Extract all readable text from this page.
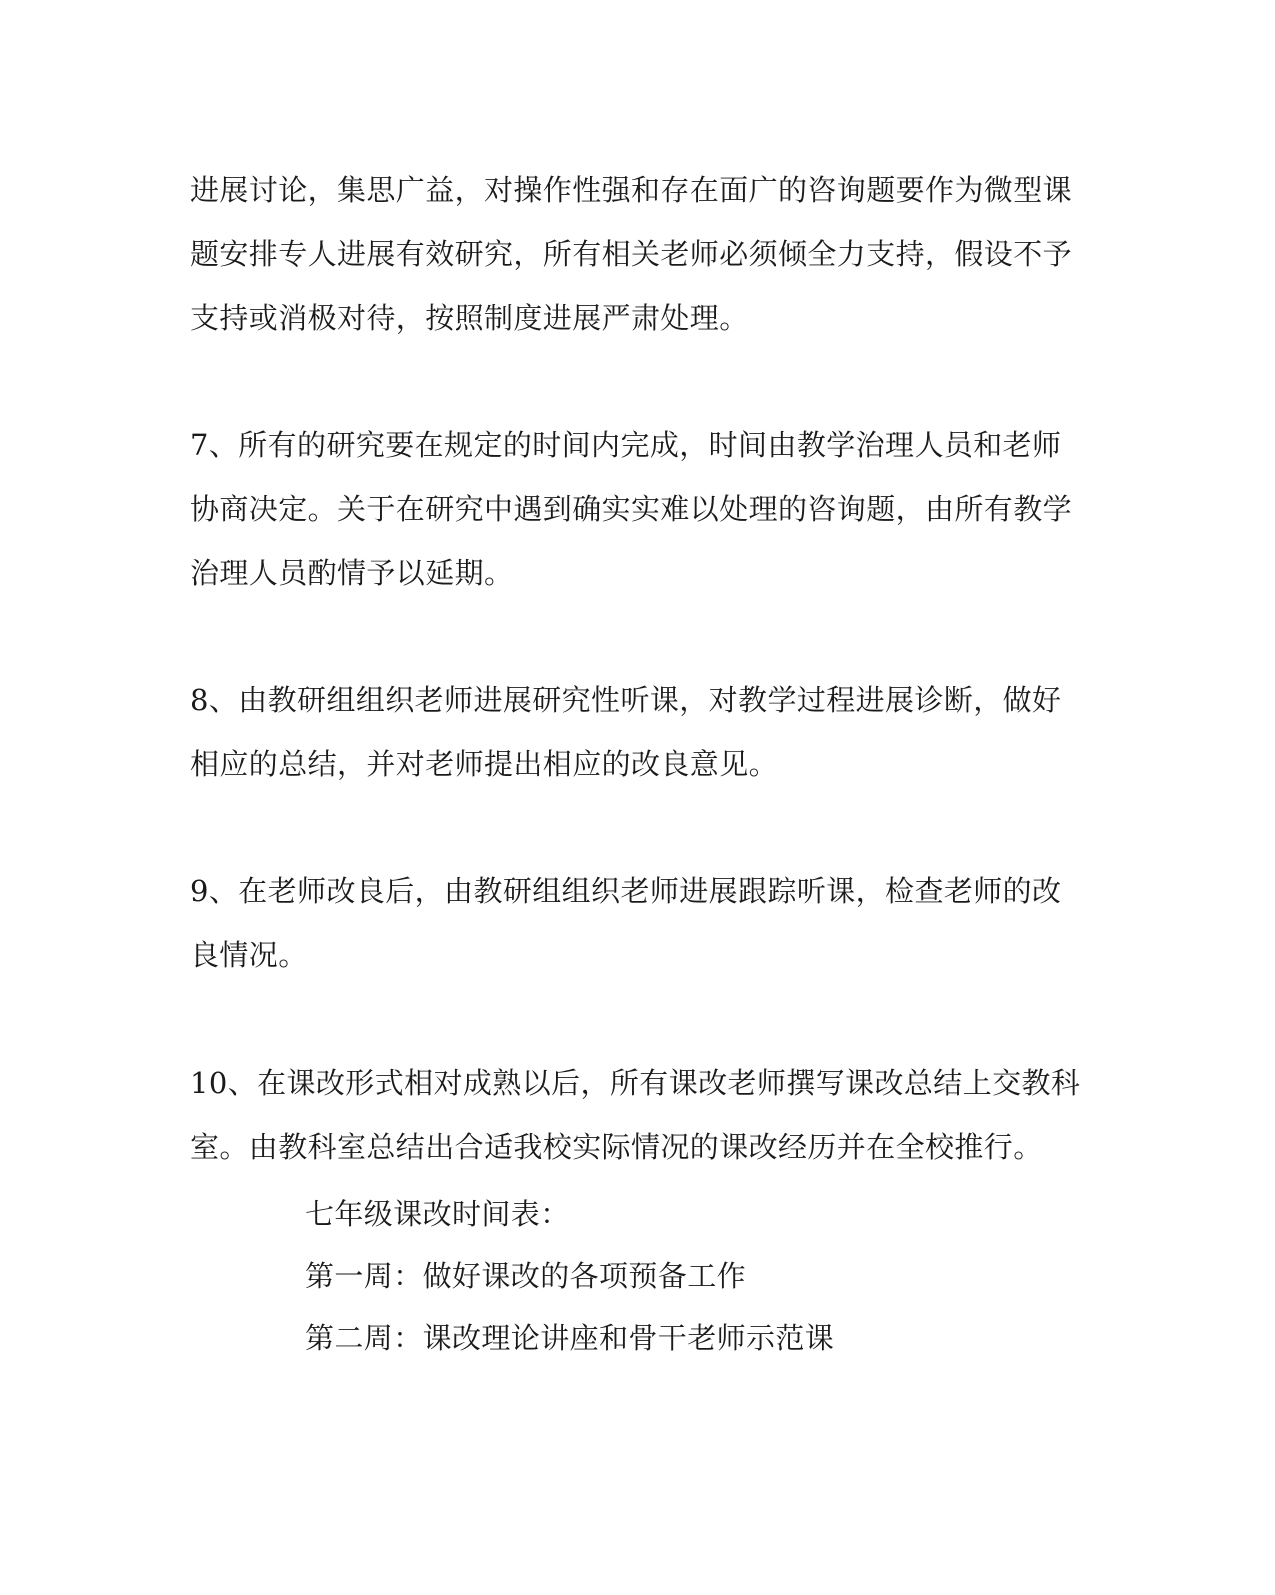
进展讨论，集思广益，对操作性强和存在面广的咨询题要作为微型课
题安排专人进展有效研究，所有相关老师必须倾全力支持，假设不予
支持或消极对待，按照制度进展严肃处理。
7、所有的研究要在规定的时间内完成，时间由教学治理人员和老师
协商决定。关于在研究中遇到确实实难以处理的咨询题，由所有教学
治理人员酌情予以延期。
8、由教研组组织老师进展研究性听课，对教学过程进展诊断，做好
相应的总结，并对老师提出相应的改良意见。
9、在老师改良后，由教研组组织老师进展跟踪听课，检查老师的改
良情况。
10、在课改形式相对成熟以后，所有课改老师撰写课改总结上交教科
室。由教科室总结出合适我校实际情况的课改经历并在全校推行。
七年级课改时间表：
第一周：做好课改的各项预备工作
第二周：课改理论讲座和骨干老师示范课
